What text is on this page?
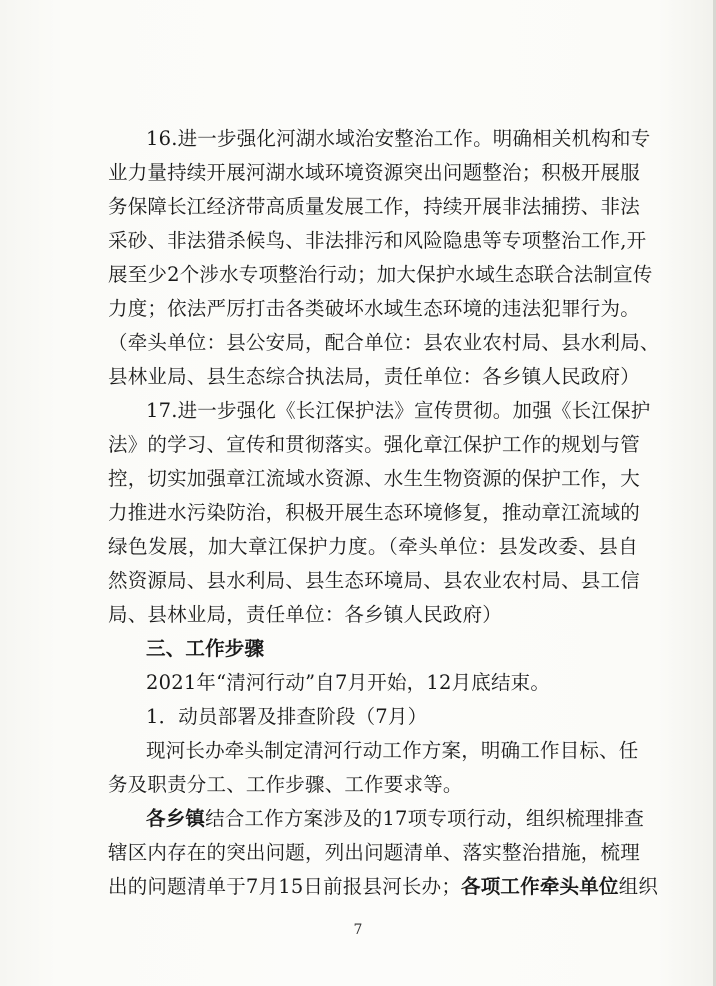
16.进一步强化河湖水域治安整治工作。明确相关机构和专
业力量持续开展河湖水域环境资源突出问题整治；积极开展服
务保障长江经济带高质量发展工作，持续开展非法捕捞、非法
采砂、非法猎杀候鸟、非法排污和风险隐患等专项整治工作,开
展至少2个涉水专项整治行动；加大保护水域生态联合法制宣传
力度；依法严厉打击各类破坏水域生态环境的违法犯罪行为。
（牵头单位：县公安局，配合单位：县农业农村局、县水利局、
县林业局、县生态综合执法局，责任单位：各乡镇人民政府）
17.进一步强化《长江保护法》宣传贯彻。加强《长江保护
法》的学习、宣传和贯彻落实。强化章江保护工作的规划与管
控，切实加强章江流域水资源、水生生物资源的保护工作，大
力推进水污染防治，积极开展生态环境修复，推动章江流域的
绿色发展，加大章江保护力度。（牵头单位：县发改委、县自
然资源局、县水利局、县生态环境局、县农业农村局、县工信
局、县林业局，责任单位：各乡镇人民政府）
三、工作步骤
2021年“清河行动”自7月开始，12月底结束。
1．动员部署及排查阶段（7月）
现河长办牵头制定清河行动工作方案，明确工作目标、任
务及职责分工、工作步骤、工作要求等。
各乡镇结合工作方案涉及的17项专项行动，组织梳理排查
辖区内存在的突出问题，列出问题清单、落实整治措施，梳理
出的问题清单于7月15日前报县河长办；各项工作牵头单位组织
7
